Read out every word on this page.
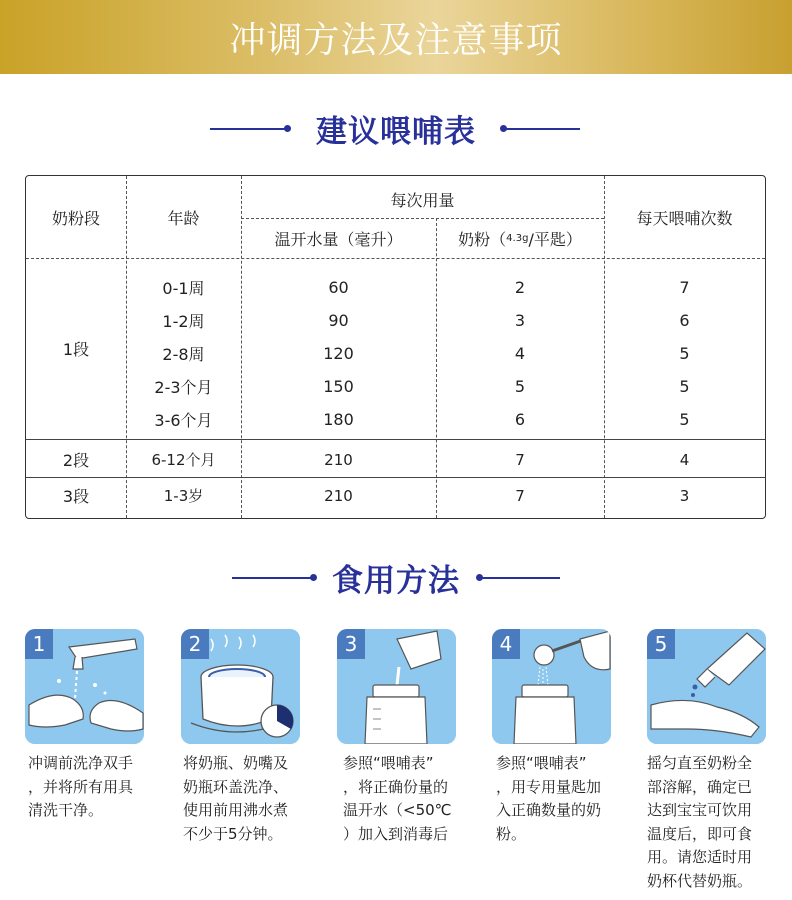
冲调方法及注意事项
建议喂哺表
奶粉段	年龄
每次用量
温开水量（毫升）	奶粉（ 4.3g /平匙）
每天喂哺次数
1段
0-1周	60	2	7
1-2周	90	3	6
2-8周	120	4	5
2-3个月	150	5	5
3-6个月	180	6	5
2段	6-12个月	210	7	4
3段	1-3岁	210	7	3
食用方法
1
冲调前洗净双手
，并将所有用具
清洗干净。
2
将奶瓶、奶嘴及
奶瓶环盖洗净、
使用前用沸水煮
不少于5分钟。
3
参照“喂哺表”
，将正确份量的
温开水（<50℃
）加入到消毒后
4
参照“喂哺表”
，用专用量匙加
入正确数量的奶
粉。
5
摇匀直至奶粉全
部溶解，确定已
达到宝宝可饮用
温度后，即可食
用。请您适时用
奶杯代替奶瓶。
